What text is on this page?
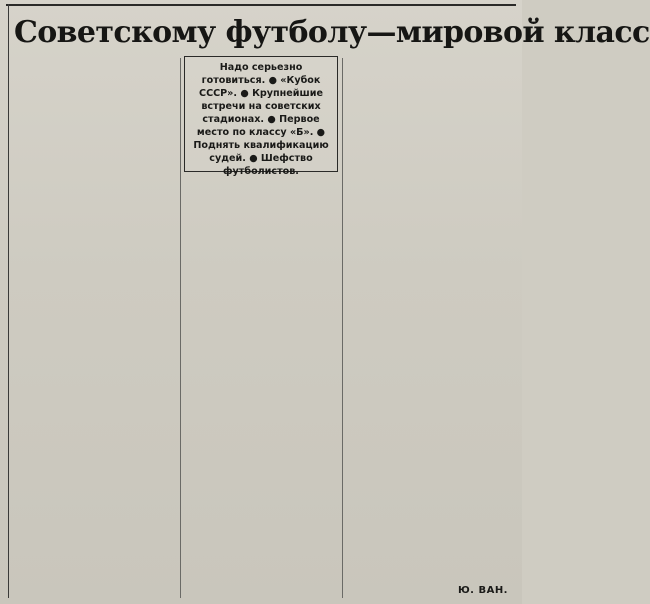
Советскому футболу—мировой класс
Надо серьезно готовиться. ● «Кубок СССР». ● Крупнейшие встречи на советских стадионах. ● Первое место по классу «Б». ● Поднять квалификацию судей. ● Шефство футболистов.
Ю. ВАН.
